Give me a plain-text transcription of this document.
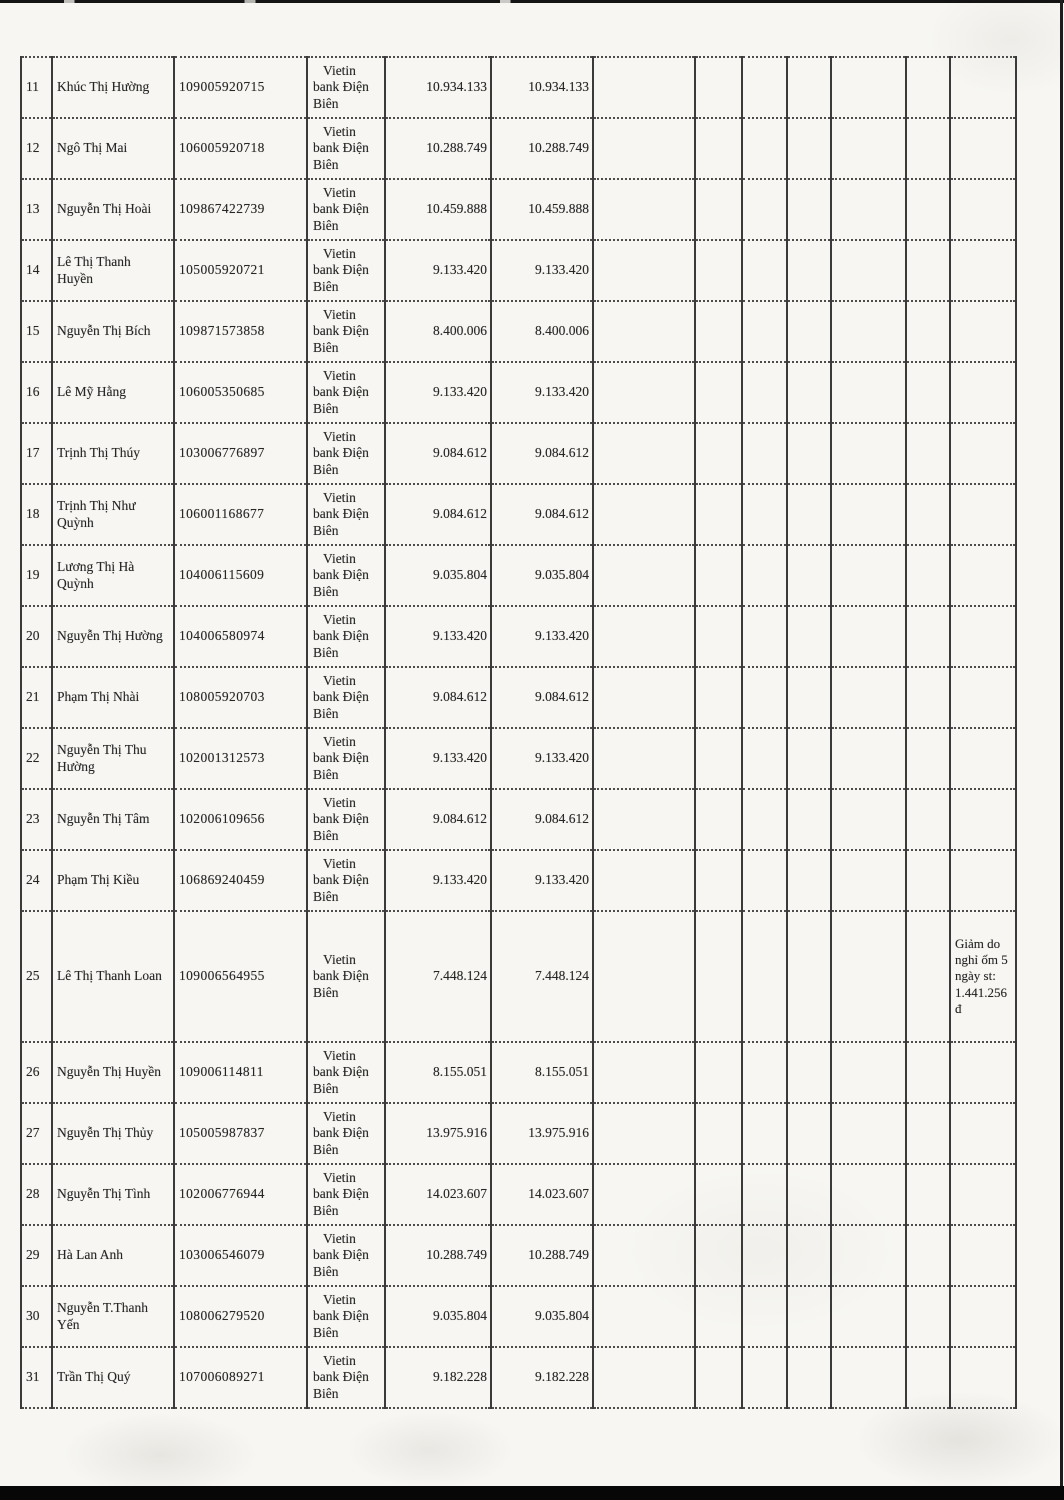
11	Khúc Thị Hường	109005920715	Vietin bank Điện Biên	10.934.133	10.934.133							
12	Ngô Thị Mai	106005920718	Vietin bank Điện Biên	10.288.749	10.288.749							
13	Nguyễn Thị Hoài	109867422739	Vietin bank Điện Biên	10.459.888	10.459.888							
14	Lê Thị Thanh Huyền	105005920721	Vietin bank Điện Biên	9.133.420	9.133.420							
15	Nguyễn Thị Bích	109871573858	Vietin bank Điện Biên	8.400.006	8.400.006							
16	Lê Mỹ Hằng	106005350685	Vietin bank Điện Biên	9.133.420	9.133.420							
17	Trịnh Thị Thúy	103006776897	Vietin bank Điện Biên	9.084.612	9.084.612							
18	Trịnh Thị Như Quỳnh	106001168677	Vietin bank Điện Biên	9.084.612	9.084.612							
19	Lương Thị Hà Quỳnh	104006115609	Vietin bank Điện Biên	9.035.804	9.035.804							
20	Nguyễn Thị Hường	104006580974	Vietin bank Điện Biên	9.133.420	9.133.420							
21	Phạm Thị Nhài	108005920703	Vietin bank Điện Biên	9.084.612	9.084.612							
22	Nguyễn Thị Thu Hường	102001312573	Vietin bank Điện Biên	9.133.420	9.133.420							
23	Nguyễn Thị Tâm	102006109656	Vietin bank Điện Biên	9.084.612	9.084.612							
24	Phạm Thị Kiều	106869240459	Vietin bank Điện Biên	9.133.420	9.133.420							
25	Lê Thị Thanh Loan	109006564955	Vietin bank Điện Biên	7.448.124	7.448.124							Giảm do nghỉ ốm 5 ngày st: 1.441.256đ
26	Nguyễn Thị Huyền	109006114811	Vietin bank Điện Biên	8.155.051	8.155.051							
27	Nguyễn Thị Thủy	105005987837	Vietin bank Điện Biên	13.975.916	13.975.916							
28	Nguyễn Thị Tình	102006776944	Vietin bank Điện Biên	14.023.607	14.023.607							
29	Hà Lan Anh	103006546079	Vietin bank Điện Biên	10.288.749	10.288.749							
30	Nguyễn T.Thanh Yến	108006279520	Vietin bank Điện Biên	9.035.804	9.035.804							
31	Trần Thị Quý	107006089271	Vietin bank Điện Biên	9.182.228	9.182.228							
